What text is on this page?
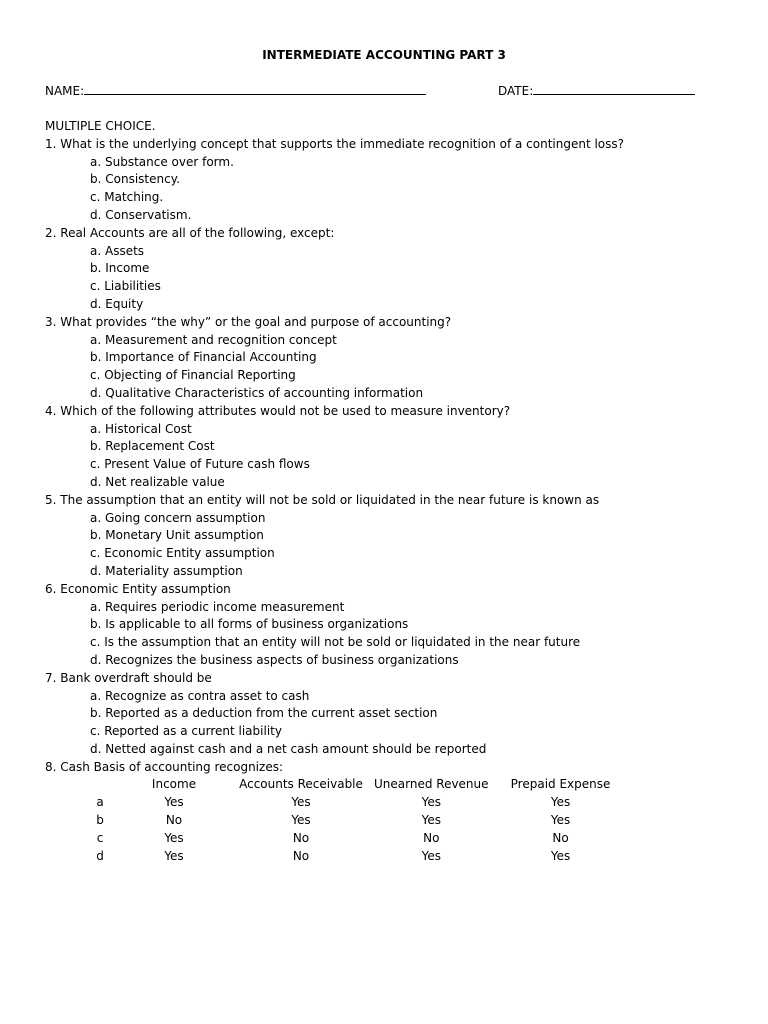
INTERMEDIATE ACCOUNTING PART 3
NAME:	DATE:
MULTIPLE CHOICE.
1. What is the underlying concept that supports the immediate recognition of a contingent loss?
a. Substance over form.
b. Consistency.
c. Matching.
d. Conservatism.
2. Real Accounts are all of the following, except:
a. Assets
b. Income
c. Liabilities
d. Equity
3. What provides “the why” or the goal and purpose of accounting?
a. Measurement and recognition concept
b. Importance of Financial Accounting
c. Objecting of Financial Reporting
d. Qualitative Characteristics of accounting information
4. Which of the following attributes would not be used to measure inventory?
a. Historical Cost
b. Replacement Cost
c. Present Value of Future cash flows
d. Net realizable value
5. The assumption that an entity will not be sold or liquidated in the near future is known as
a. Going concern assumption
b. Monetary Unit assumption
c. Economic Entity assumption
d. Materiality assumption
6. Economic Entity assumption
a. Requires periodic income measurement
b. Is applicable to all forms of business organizations
c. Is the assumption that an entity will not be sold or liquidated in the near future
d. Recognizes the business aspects of business organizations
7. Bank overdraft should be
a. Recognize as contra asset to cash
b. Reported as a deduction from the current asset section
c. Reported as a current liability
d. Netted against cash and a net cash amount should be reported
8. Cash Basis of accounting recognizes:
	Income	Accounts Receivable	Unearned Revenue	Prepaid Expense
a	Yes	Yes	Yes	Yes
b	No	Yes	Yes	Yes
c	Yes	No	No	No
d	Yes	No	Yes	Yes
